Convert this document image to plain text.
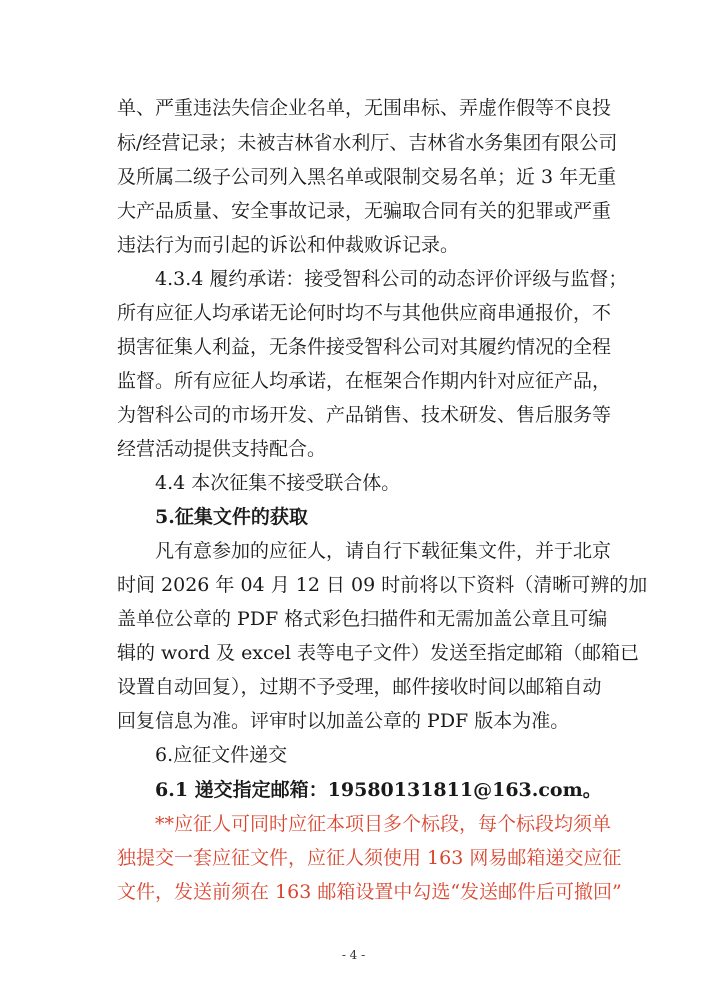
单、严重违法失信企业名单，无围串标、弄虚作假等不良投
标/经营记录；未被吉林省水利厅、吉林省水务集团有限公司
及所属二级子公司列入黑名单或限制交易名单；近 3 年无重
大产品质量、安全事故记录，无骗取合同有关的犯罪或严重
违法行为而引起的诉讼和仲裁败诉记录。
4.3.4 履约承诺：接受智科公司的动态评价评级与监督；
所有应征人均承诺无论何时均不与其他供应商串通报价，不
损害征集人利益，无条件接受智科公司对其履约情况的全程
监督。所有应征人均承诺，在框架合作期内针对应征产品，
为智科公司的市场开发、产品销售、技术研发、售后服务等
经营活动提供支持配合。
4.4 本次征集不接受联合体。
5.征集文件的获取
凡有意参加的应征人，请自行下载征集文件，并于北京
时间 2026 年 04 月 12 日 09 时前将以下资料（清晰可辨的加
盖单位公章的 PDF 格式彩色扫描件和无需加盖公章且可编
辑的 word 及 excel 表等电子文件）发送至指定邮箱（邮箱已
设置自动回复），过期不予受理，邮件接收时间以邮箱自动
回复信息为准。评审时以加盖公章的 PDF 版本为准。
6.应征文件递交
6.1 递交指定邮箱：19580131811@163.com。
**应征人可同时应征本项目多个标段，每个标段均须单
独提交一套应征文件，应征人须使用 163 网易邮箱递交应征
文件，发送前须在 163 邮箱设置中勾选“发送邮件后可撤回”
- 4 -
